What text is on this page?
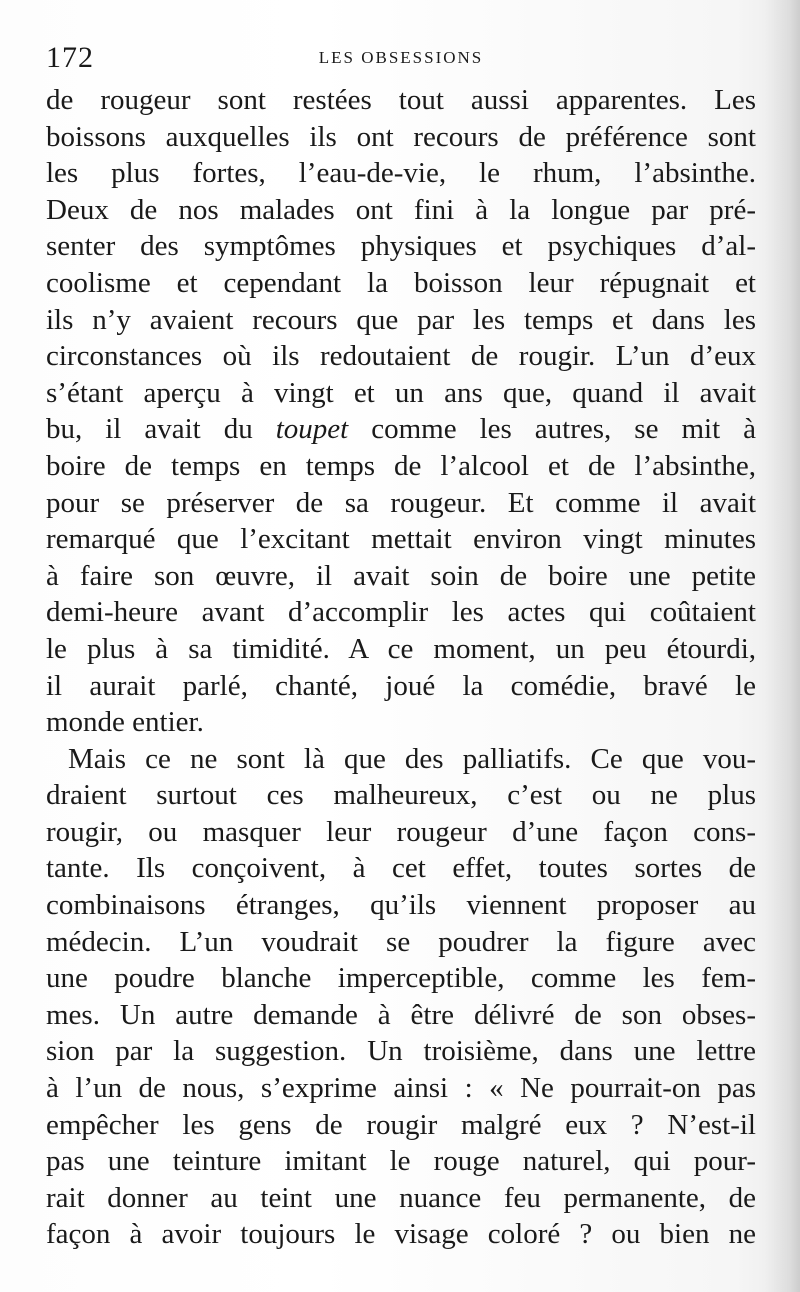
172	LES OBSESSIONS
de rougeur sont restées tout aussi apparentes. Les
boissons auxquelles ils ont recours de préférence sont
les plus fortes, l’eau-de-vie, le rhum, l’absinthe.
Deux de nos malades ont fini à la longue par pré-
senter des symptômes physiques et psychiques d’al-
coolisme et cependant la boisson leur répugnait et
ils n’y avaient recours que par les temps et dans les
circonstances où ils redoutaient de rougir. L’un d’eux
s’étant aperçu à vingt et un ans que, quand il avait
bu, il avait du toupet comme les autres, se mit à
boire de temps en temps de l’alcool et de l’absinthe,
pour se préserver de sa rougeur. Et comme il avait
remarqué que l’excitant mettait environ vingt minutes
à faire son œuvre, il avait soin de boire une petite
demi-heure avant d’accomplir les actes qui coûtaient
le plus à sa timidité. A ce moment, un peu étourdi,
il aurait parlé, chanté, joué la comédie, bravé le
monde entier.
Mais ce ne sont là que des palliatifs. Ce que vou-
draient surtout ces malheureux, c’est ou ne plus
rougir, ou masquer leur rougeur d’une façon cons-
tante. Ils conçoivent, à cet effet, toutes sortes de
combinaisons étranges, qu’ils viennent proposer au
médecin. L’un voudrait se poudrer la figure avec
une poudre blanche imperceptible, comme les fem-
mes. Un autre demande à être délivré de son obses-
sion par la suggestion. Un troisième, dans une lettre
à l’un de nous, s’exprime ainsi : « Ne pourrait-on pas
empêcher les gens de rougir malgré eux ? N’est-il
pas une teinture imitant le rouge naturel, qui pour-
rait donner au teint une nuance feu permanente, de
façon à avoir toujours le visage coloré ? ou bien ne
